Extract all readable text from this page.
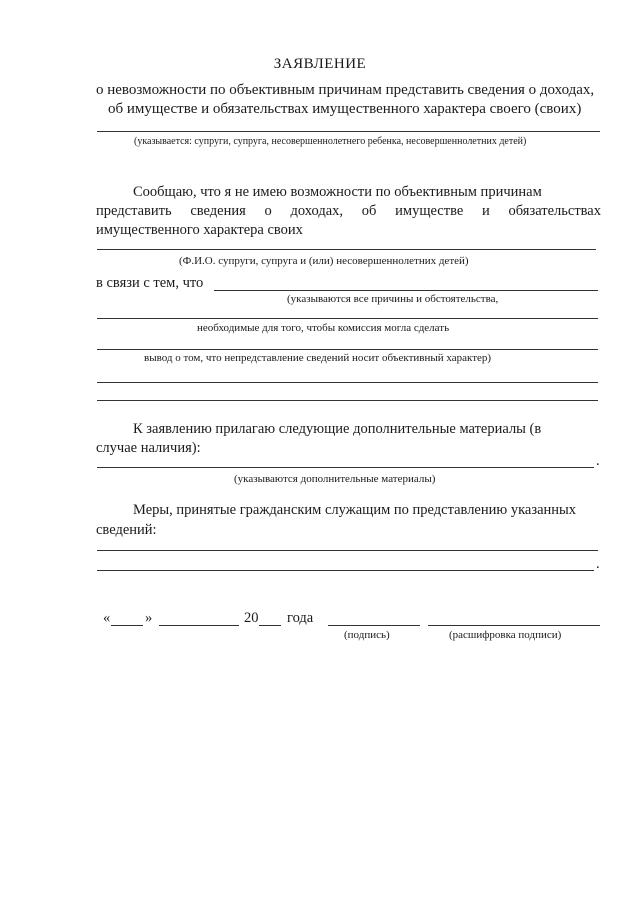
ЗАЯВЛЕНИЕ
о невозможности по объективным причинам представить сведения о доходах,
об имуществе и обязательствах имущественного характера своего (своих)
(указывается: супруги, супруга, несовершеннолетнего ребенка, несовершеннолетних детей)
Сообщаю, что я не имею возможности по объективным причинам
представить сведения о доходах, об имуществе и обязательствах
имущественного характера своих
(Ф.И.О. супруги, супруга и (или) несовершеннолетних детей)
в связи с тем, что
(указываются все причины и обстоятельства,
необходимые для того, чтобы комиссия могла сделать
вывод о том, что непредставление сведений носит объективный характер)
К заявлению прилагаю следующие дополнительные материалы (в
случае наличия):
.
(указываются дополнительные материалы)
Меры, принятые гражданским служащим по представлению указанных
сведений:
.
« »	20 года
(подпись)	(расшифровка подписи)
